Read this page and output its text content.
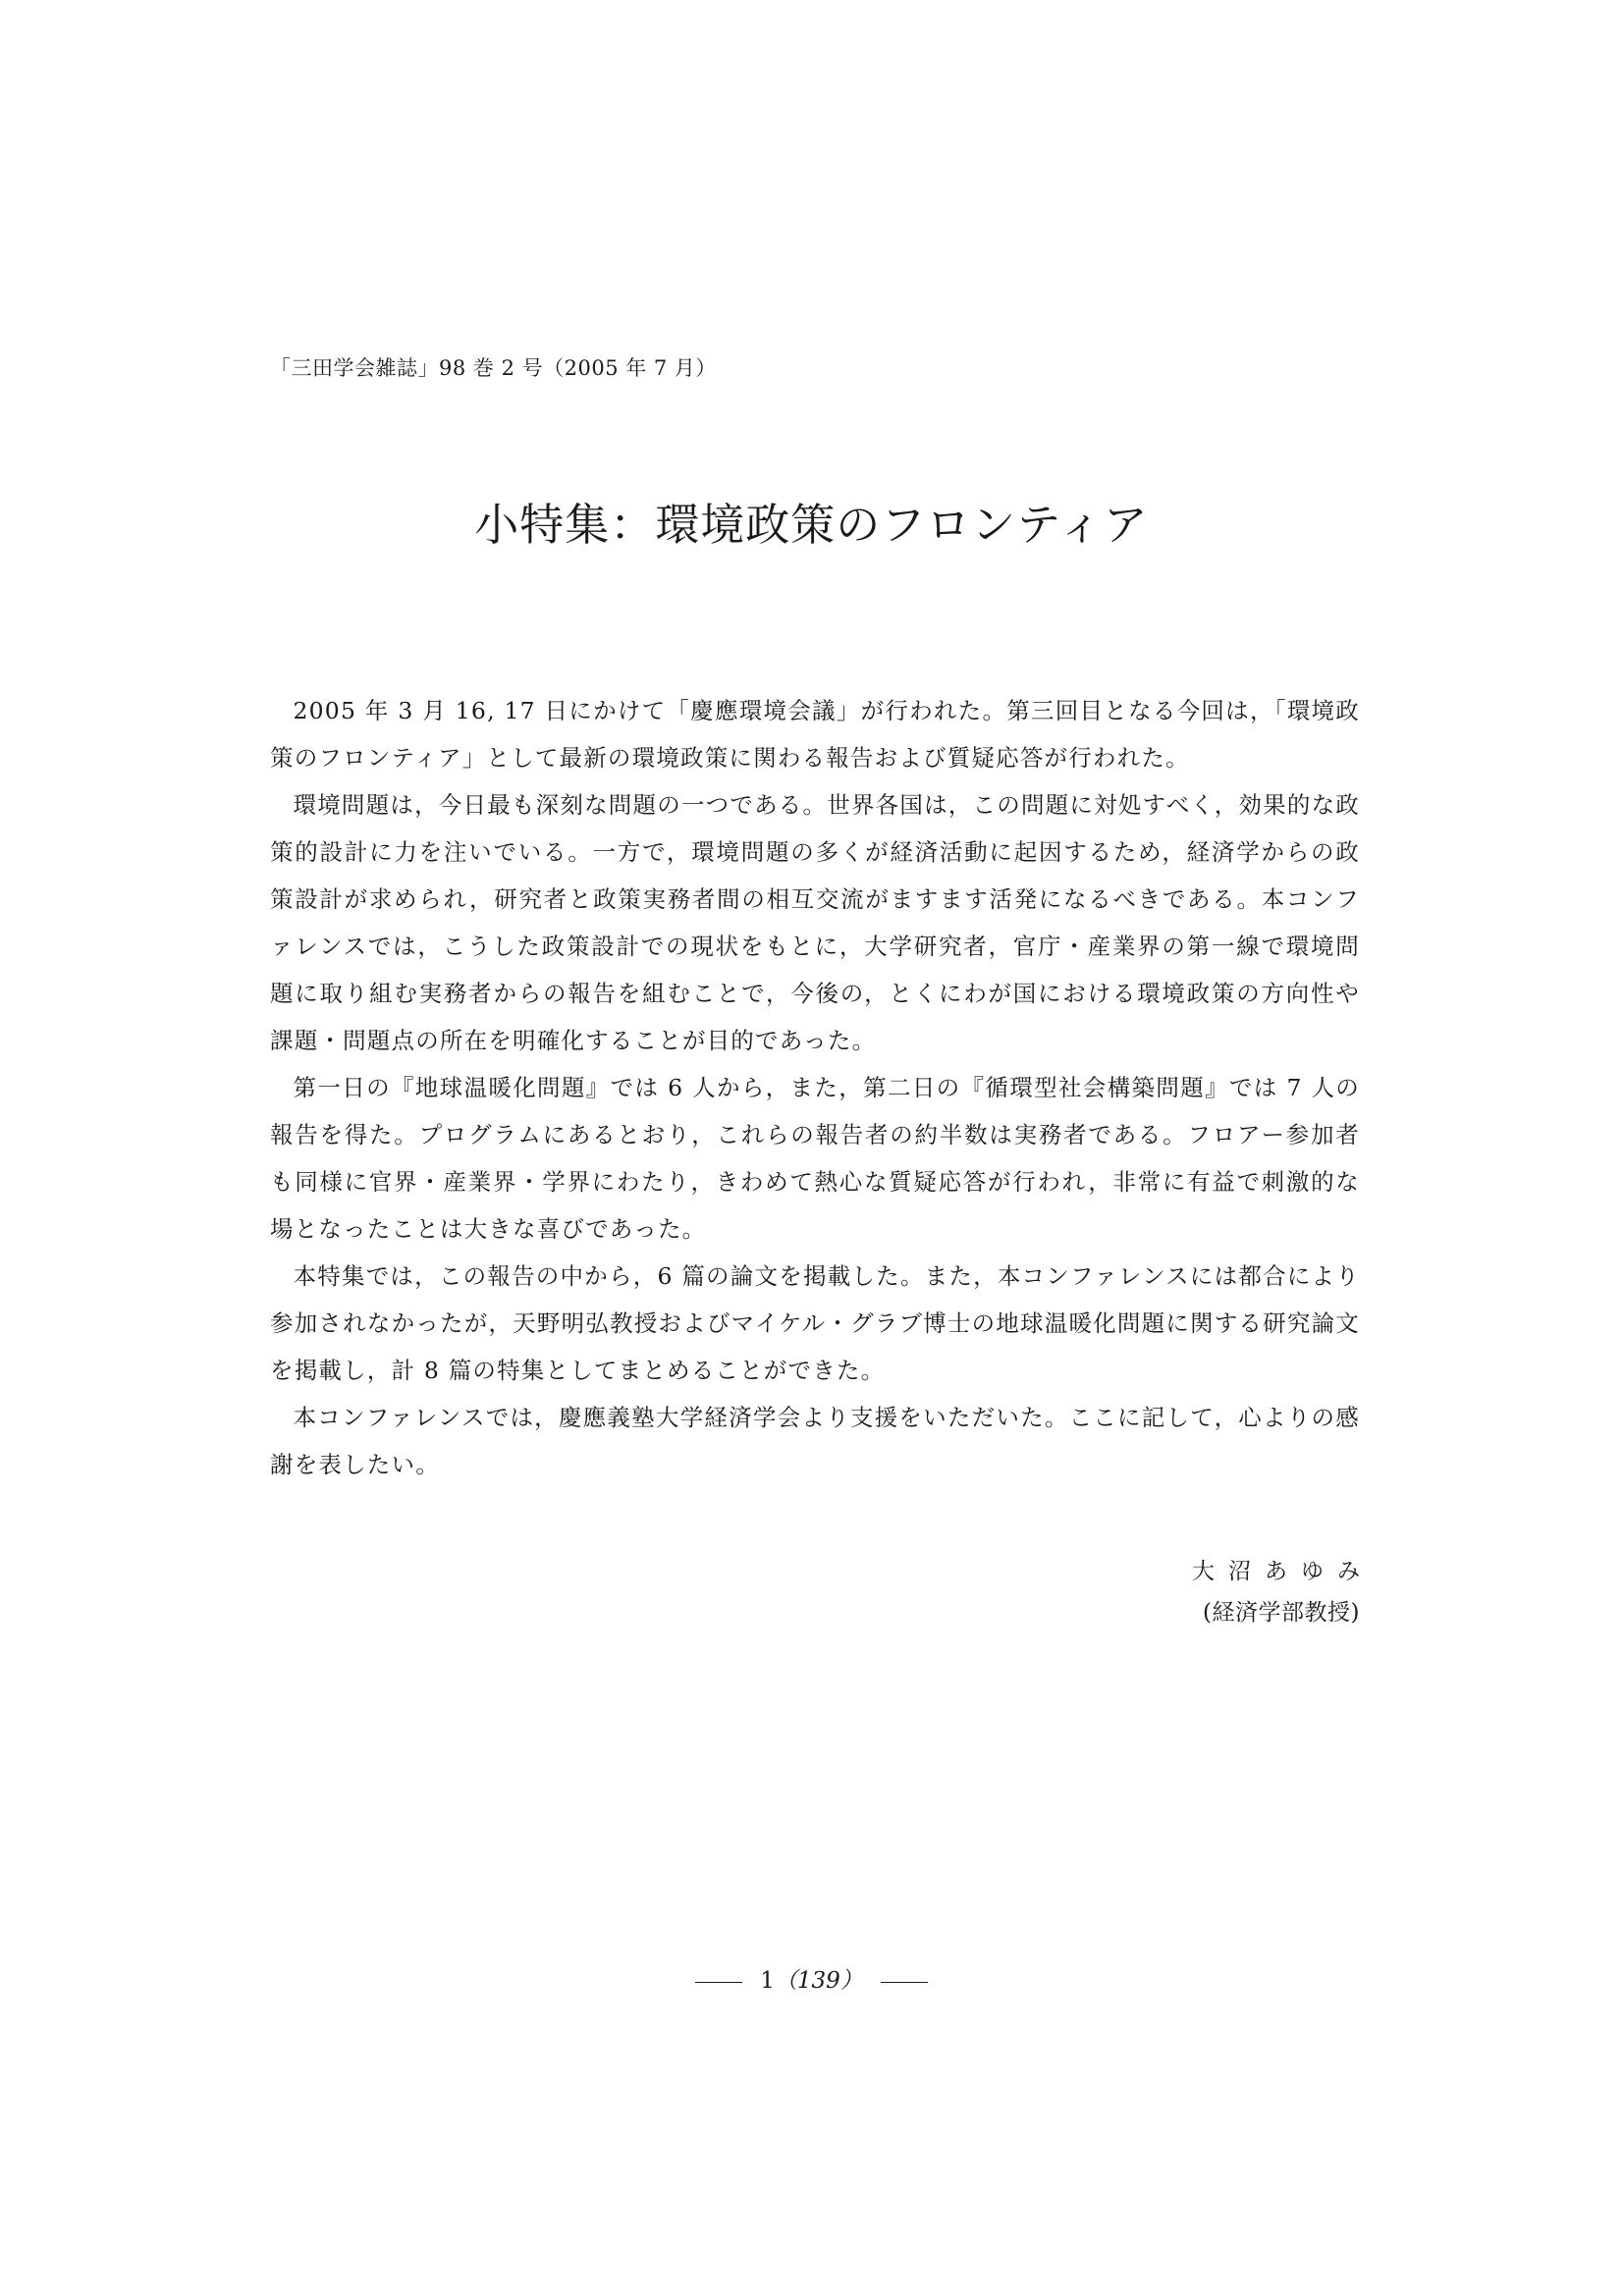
「三田学会雑誌」98 巻 2 号（2005 年 7 月）
小特集：環境政策のフロンティア

2005 年 3 月 16, 17 日にかけて「慶應環境会議」が行われた。第三回目となる今回は，「環境政策のフロンティア」として最新の環境政策に関わる報告および質疑応答が行われた。

環境問題は，今日最も深刻な問題の一つである。世界各国は，この問題に対処すべく，効果的な政策的設計に力を注いでいる。一方で，環境問題の多くが経済活動に起因するため，経済学からの政策設計が求められ，研究者と政策実務者間の相互交流がますます活発になるべきである。本コンファレンスでは，こうした政策設計での現状をもとに，大学研究者，官庁・産業界の第一線で環境問題に取り組む実務者からの報告を組むことで，今後の，とくにわが国における環境政策の方向性や課題・問題点の所在を明確化することが目的であった。

第一日の『地球温暖化問題』では 6 人から，また，第二日の『循環型社会構築問題』では 7 人の報告を得た。プログラムにあるとおり，これらの報告者の約半数は実務者である。フロアー参加者も同様に官界・産業界・学界にわたり，きわめて熱心な質疑応答が行われ，非常に有益で刺激的な場となったことは大きな喜びであった。

本特集では，この報告の中から，6 篇の論文を掲載した。また，本コンファレンスには都合により参加されなかったが，天野明弘教授およびマイケル・グラブ博士の地球温暖化問題に関する研究論文を掲載し，計 8 篇の特集としてまとめることができた。

本コンファレンスでは，慶應義塾大学経済学会より支援をいただいた。ここに記して，心よりの感謝を表したい。

大沼あゆみ
(経済学部教授)
1（139）
